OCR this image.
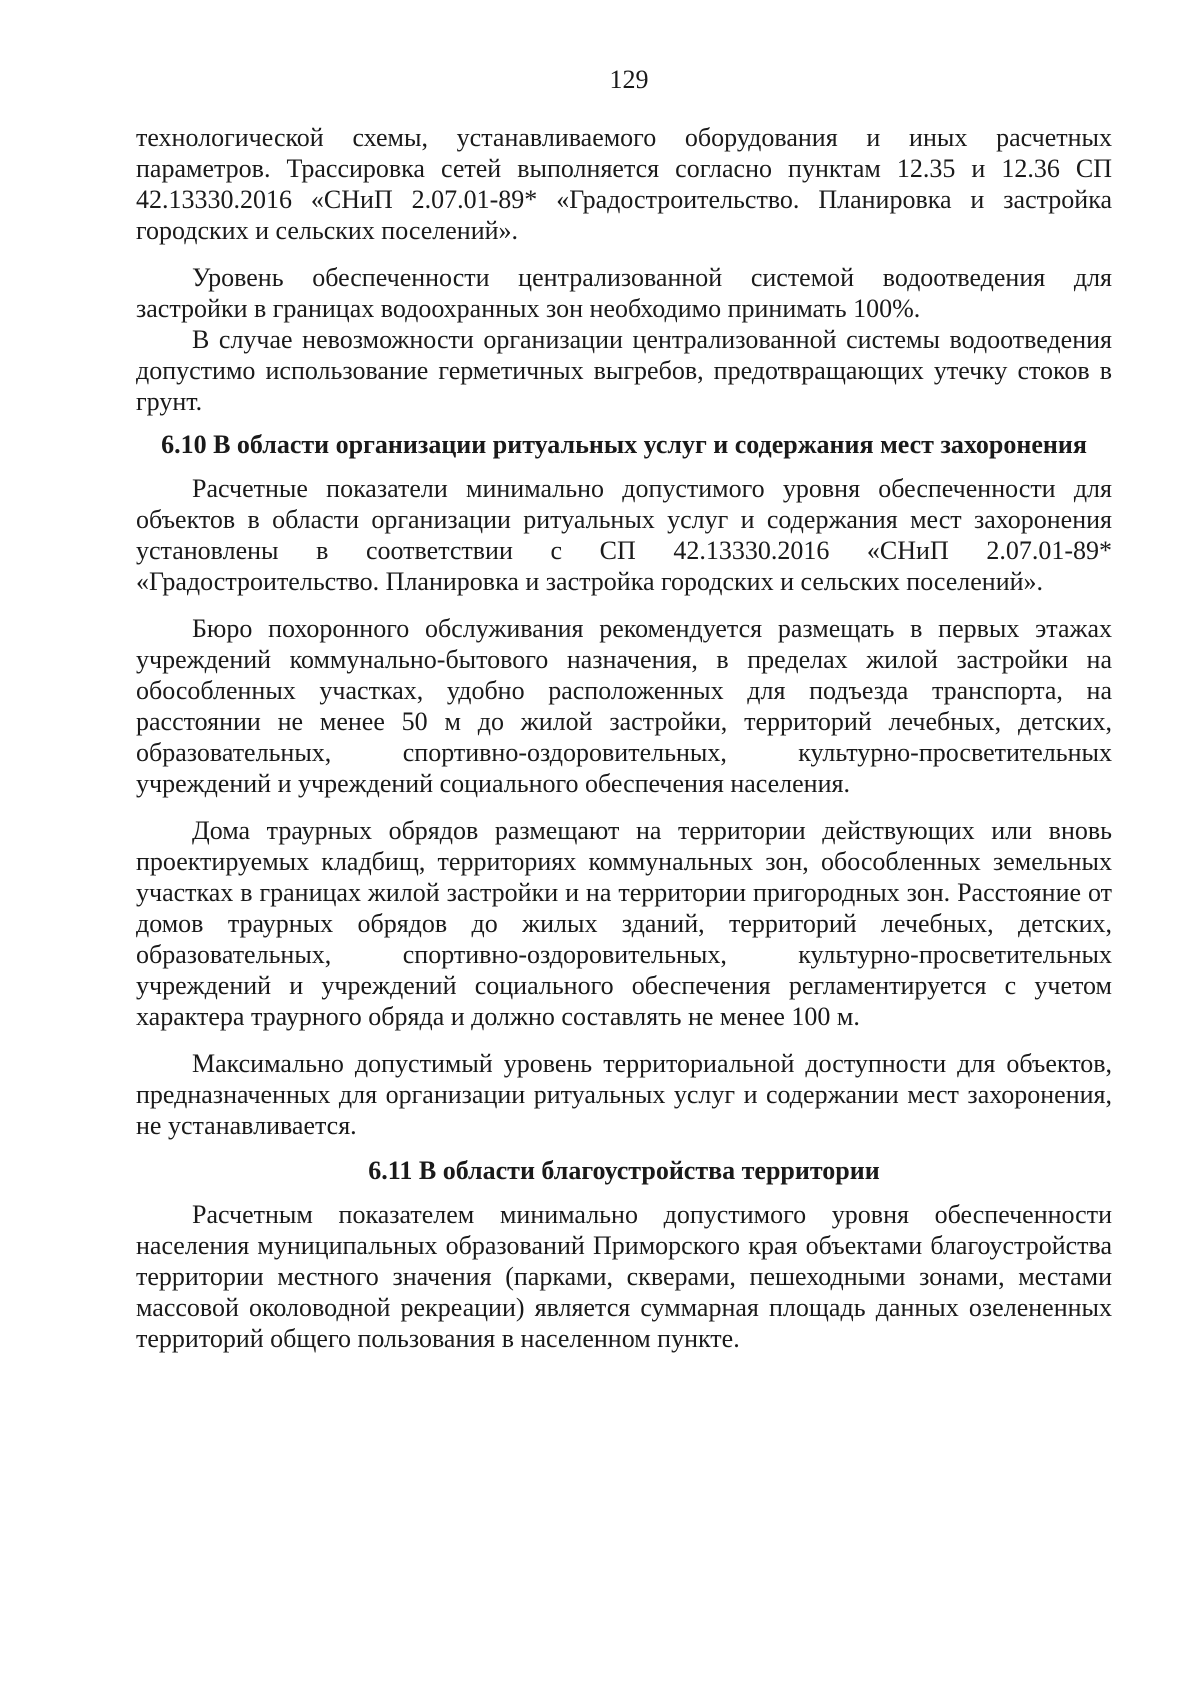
129

технологической схемы, устанавливаемого оборудования и иных расчетных параметров. Трассировка сетей выполняется согласно пунктам 12.35 и 12.36 СП 42.13330.2016 «СНиП 2.07.01-89* «Градостроительство. Планировка и застройка городских и сельских поселений».

Уровень обеспеченности централизованной системой водоотведения для застройки в границах водоохранных зон необходимо принимать 100%.

В случае невозможности организации централизованной системы водоотведения допустимо использование герметичных выгребов, предотвращающих утечку стоков в грунт.

6.10 В области организации ритуальных услуг и содержания мест захоронения

Расчетные показатели минимально допустимого уровня обеспеченности для объектов в области организации ритуальных услуг и содержания мест захоронения установлены в соответствии с СП 42.13330.2016 «СНиП 2.07.01-89* «Градостроительство. Планировка и застройка городских и сельских поселений».

Бюро похоронного обслуживания рекомендуется размещать в первых этажах учреждений коммунально-бытового назначения, в пределах жилой застройки на обособленных участках, удобно расположенных для подъезда транспорта, на расстоянии не менее 50 м до жилой застройки, территорий лечебных, детских, образовательных, спортивно-оздоровительных, культурно-просветительных учреждений и учреждений социального обеспечения населения.

Дома траурных обрядов размещают на территории действующих или вновь проектируемых кладбищ, территориях коммунальных зон, обособленных земельных участках в границах жилой застройки и на территории пригородных зон. Расстояние от домов траурных обрядов до жилых зданий, территорий лечебных, детских, образовательных, спортивно-оздоровительных, культурно-просветительных учреждений и учреждений социального обеспечения регламентируется с учетом характера траурного обряда и должно составлять не менее 100 м.

Максимально допустимый уровень территориальной доступности для объектов, предназначенных для организации ритуальных услуг и содержании мест захоронения, не устанавливается.

6.11 В области благоустройства территории

Расчетным показателем минимально допустимого уровня обеспеченности населения муниципальных образований Приморского края объектами благоустройства территории местного значения (парками, скверами, пешеходными зонами, местами массовой околоводной рекреации) является суммарная площадь данных озелененных территорий общего пользования в населенном пункте.
